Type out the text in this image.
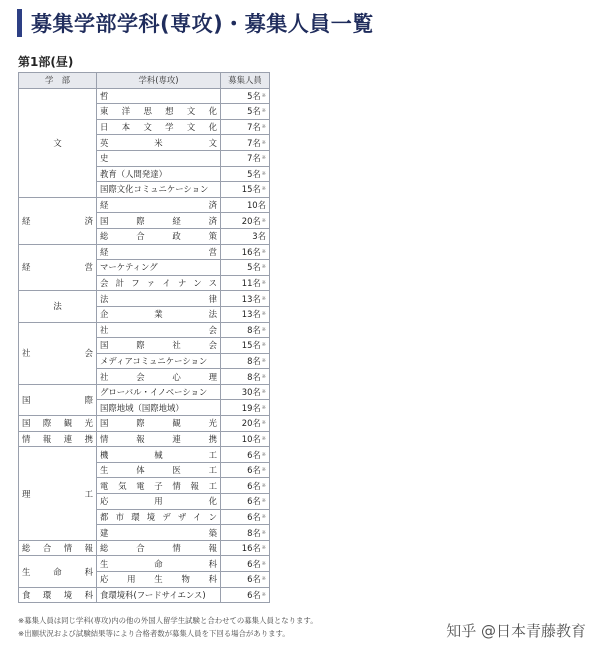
募集学部学科(専攻)・募集人員一覧
第1部(昼)
学　部	学科(専攻)	募集人員
文	哲	5名※
	東洋思想文化	5名※
	日本文学文化	7名※
	英米文	7名※
	史	7名※
	教育（人間発達）	5名※
	国際文化コミュニケーション	15名※
経済	経済	10名
	国際経済	20名※
	総合政策	3名
経営	経営	16名※
	マーケティング	5名※
	会計ファイナンス	11名※
法	法律	13名※
	企業法	13名※
社会	社会	8名※
	国際社会	15名※
	メディアコミュニケーション	8名※
	社会心理	8名※
国際	グローバル・イノベーション	30名※
	国際地域（国際地域）	19名※
国際観光	国際観光	20名※
情報連携	情報連携	10名※
理工	機械工	6名※
	生体医工	6名※
	電気電子情報工	6名※
	応用化	6名※
	都市環境デザイン	6名※
	建築	8名※
総合情報	総合情報	16名※
生命科	生命科	6名※
	応用生物科	6名※
食環境科	食環境科(フードサイエンス)	6名※
※募集人員は同じ学科(専攻)内の他の外国人留学生試験と合わせての募集人員となります。
※出願状況および試験結果等により合格者数が募集人員を下回る場合があります。	知乎 @日本青藤教育
